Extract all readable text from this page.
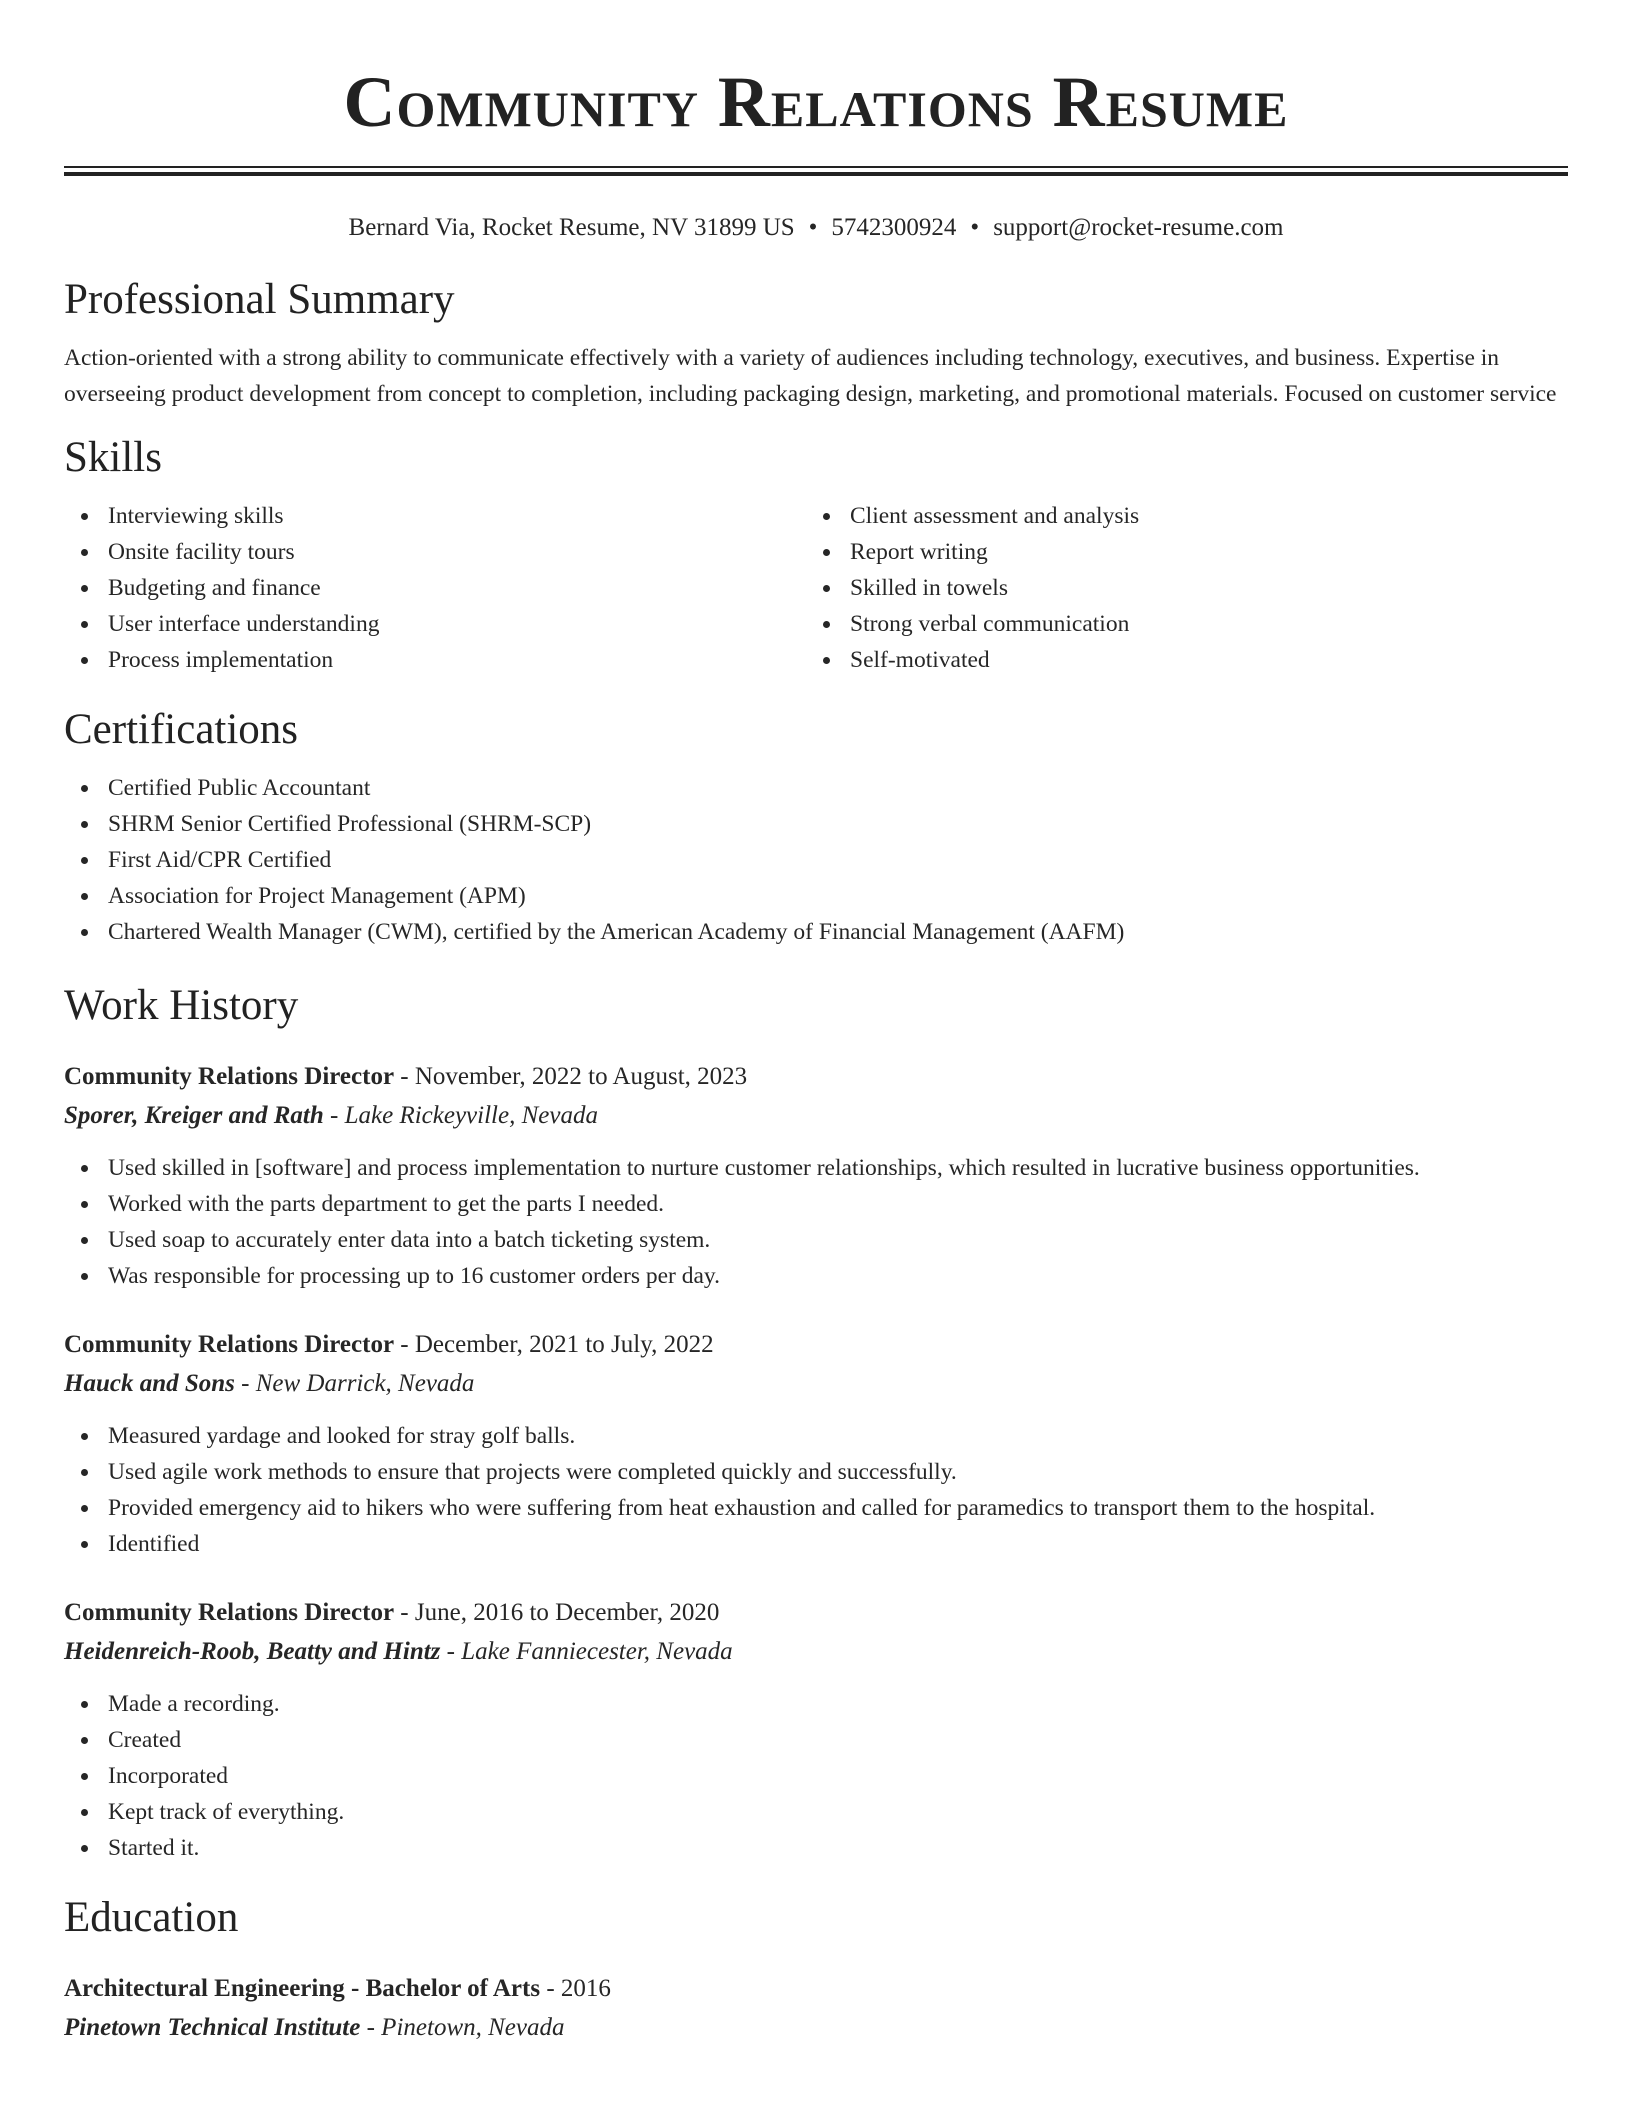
Community Relations Resume
Bernard Via, Rocket Resume, NV 31899 US • 5742300924 • support@rocket-resume.com
Professional Summary

Action-oriented with a strong ability to communicate effectively with a variety of audiences including technology, executives, and business. Expertise in overseeing product development from concept to completion, including packaging design, marketing, and promotional materials. Focused on customer service

Skills
Interviewing skills
Onsite facility tours
Budgeting and finance
User interface understanding
Process implementation
Client assessment and analysis
Report writing
Skilled in towels
Strong verbal communication
Self-motivated
Certifications
Certified Public Accountant
SHRM Senior Certified Professional (SHRM-SCP)
First Aid/CPR Certified
Association for Project Management (APM)
Chartered Wealth Manager (CWM), certified by the American Academy of Financial Management (AAFM)
Work History
Community Relations Director - November, 2022 to August, 2023
Sporer, Kreiger and Rath - Lake Rickeyville, Nevada
Used skilled in [software] and process implementation to nurture customer relationships, which resulted in lucrative business opportunities.
Worked with the parts department to get the parts I needed.
Used soap to accurately enter data into a batch ticketing system.
Was responsible for processing up to 16 customer orders per day.
Community Relations Director - December, 2021 to July, 2022
Hauck and Sons - New Darrick, Nevada
Measured yardage and looked for stray golf balls.
Used agile work methods to ensure that projects were completed quickly and successfully.
Provided emergency aid to hikers who were suffering from heat exhaustion and called for paramedics to transport them to the hospital.
Identified
Community Relations Director - June, 2016 to December, 2020
Heidenreich-Roob, Beatty and Hintz - Lake Fanniecester, Nevada
Made a recording.
Created
Incorporated
Kept track of everything.
Started it.
Education
Architectural Engineering - Bachelor of Arts - 2016
Pinetown Technical Institute - Pinetown, Nevada
